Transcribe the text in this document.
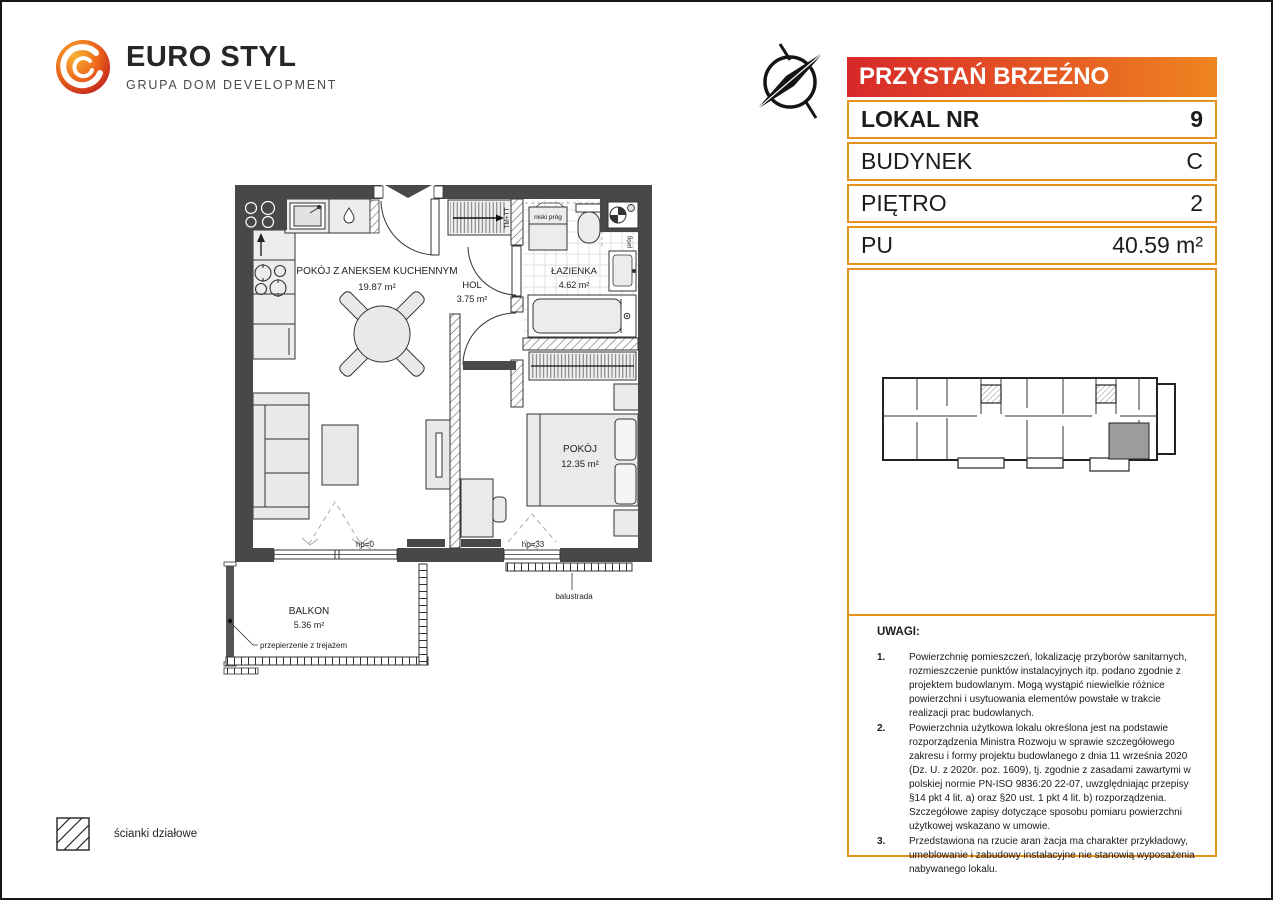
EURO STYL
GRUPA DOM DEVELOPMENT	PRZYSTAŃ BRZEŹNO
LOKAL NR	9
BUDYNEK	C
PIĘTRO	2
PU	40.59 m²
UWAGI:
1.	Powierzchnię pomieszczeń, lokalizację przyborów sanitarnych, rozmieszczenie punktów instalacyjnych itp. podano zgodnie z projektem budowlanym. Mogą wystąpić niewielkie różnice powierzchni i usytuowania elementów powstałe w trakcie realizacji prac budowlanych.
2.	Powierzchnia użytkowa lokalu określona jest na podstawie rozporządzenia Ministra Rozwoju w sprawie szczegółowego zakresu i formy projektu budowlanego z dnia 11 września 2020 (Dz. U. z 2020r. poz. 1609), tj. zgodnie z zasadami zawartymi w polskiej normie PN-ISO 9836:20 22-07, uwzględniając przepisy §14 pkt 4 lit. a) oraz §20 ust. 1 pkt 4 lit. b) rozporządzenia. Szczegółowe zapisy dotyczące sposobu pomiaru powierzchni użytkowej wskazano w umowie.
3.	Przedstawiona na rzucie aran żacja ma charakter przykładowy, umeblowanie i zabudowy instalacyjne nie stanowią wyposażenia nabywanego lokalu.
niski próg
TM+TT
hp=0	hp=33
POKÓJ Z ANEKSEM KUCHENNYM
19.87 m²	HOL
3.75 m²
ŁAZIENKA
4.62 m²
POKÓJ
12.35 m²
BALKON
5.36 m²
przepierzenie z trejażem
balustrada
próg
ścianki działowe
